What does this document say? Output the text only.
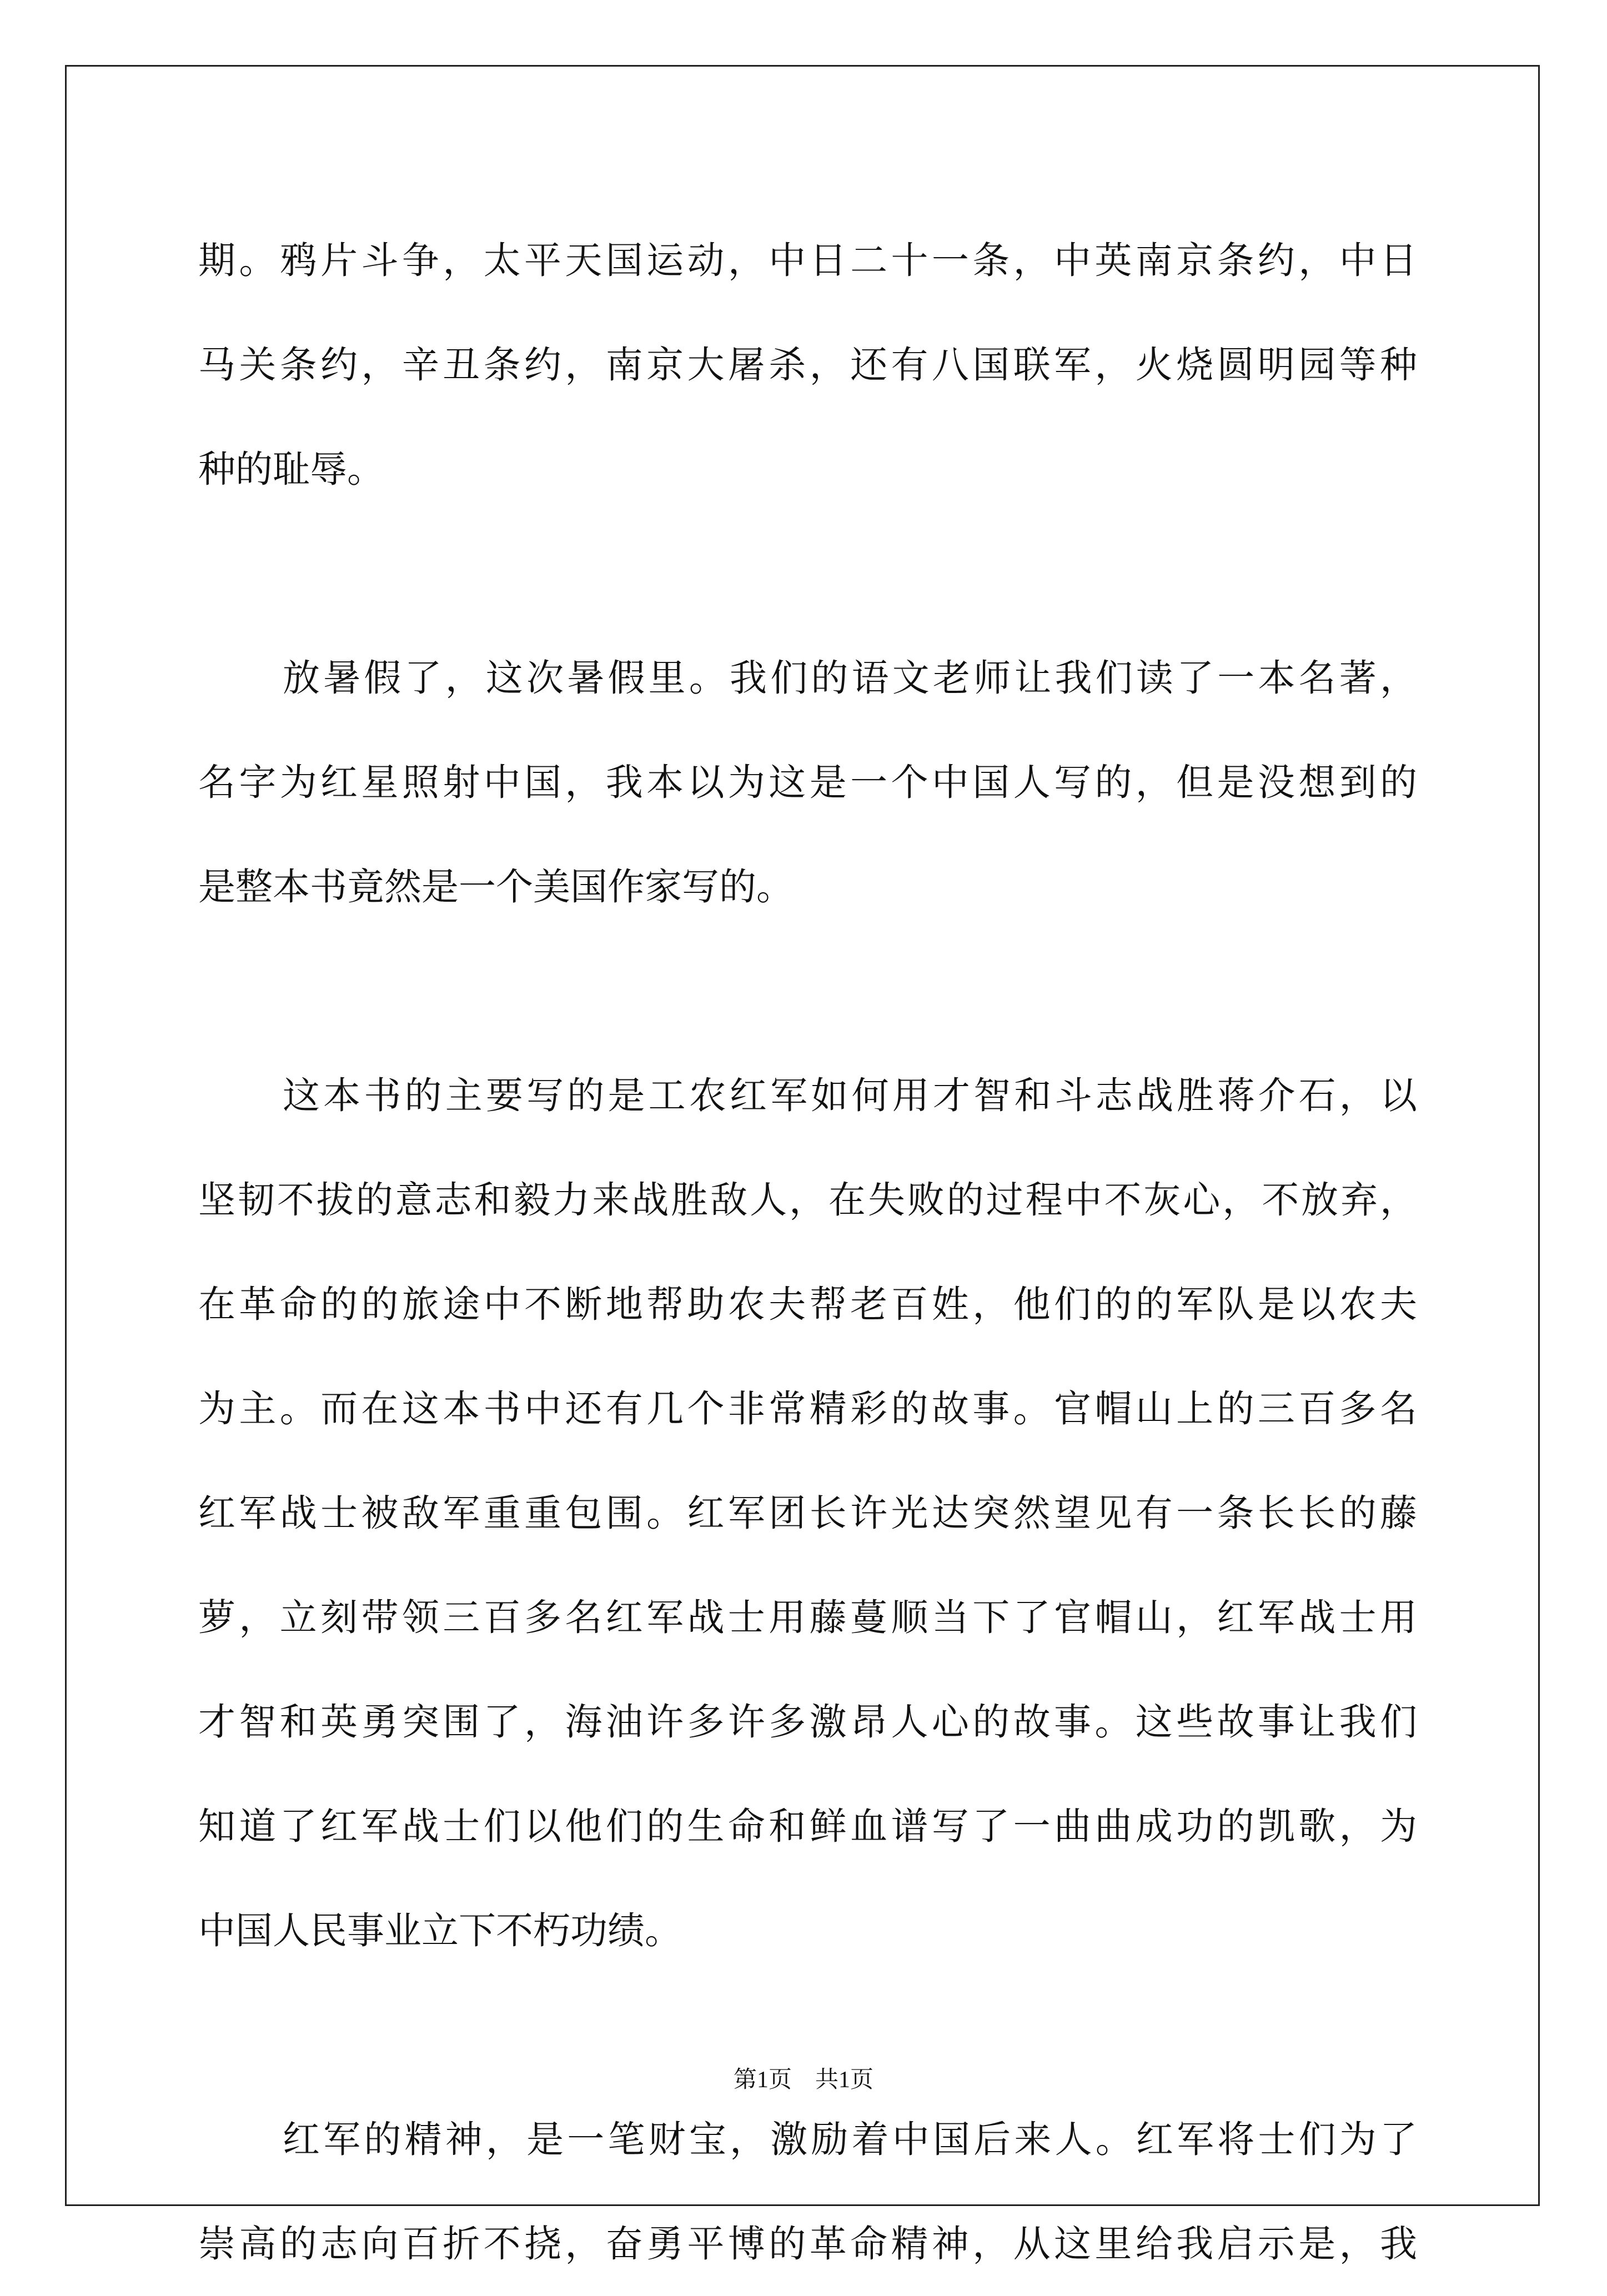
期。鸦片斗争，太平天国运动，中日二十一条，中英南京条约，中日
马关条约，辛丑条约，南京大屠杀，还有八国联军，火烧圆明园等种
种的耻辱。
放暑假了，这次暑假里。我们的语文老师让我们读了一本名著，
名字为红星照射中国，我本以为这是一个中国人写的，但是没想到的
是整本书竟然是一个美国作家写的。
这本书的主要写的是工农红军如何用才智和斗志战胜蒋介石，以
坚韧不拔的意志和毅力来战胜敌人，在失败的过程中不灰心，不放弃，
在革命的的旅途中不断地帮助农夫帮老百姓，他们的的军队是以农夫
为主。而在这本书中还有几个非常精彩的故事。官帽山上的三百多名
红军战士被敌军重重包围。红军团长许光达突然望见有一条长长的藤
萝，立刻带领三百多名红军战士用藤蔓顺当下了官帽山，红军战士用
才智和英勇突围了，海油许多许多激昂人心的故事。这些故事让我们
知道了红军战士们以他们的生命和鲜血谱写了一曲曲成功的凯歌，为
中国人民事业立下不朽功绩。
红军的精神，是一笔财宝，激励着中国后来人。红军将士们为了
崇高的志向百折不挠，奋勇平博的革命精神，从这里给我启示是，我
第1页　共1页
